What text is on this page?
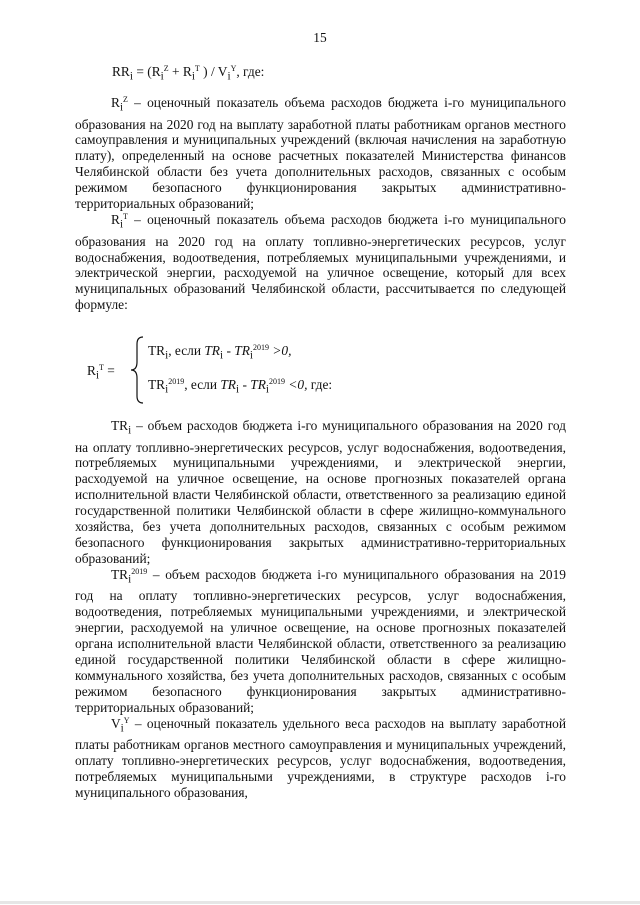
15
$RR_i = (R_i^Z + R_i^T$ ) / $V_i^Y$, где:

$R_i^Z$ – оценочный показатель объема расходов бюджета i-го муниципального образования на 2020 год на выплату заработной платы работникам органов местного самоуправления и муниципальных учреждений (включая начисления на заработную плату), определенный на основе расчетных показателей Министерства финансов Челябинской области без учета дополнительных расходов, связанных с особым режимом безопасного функционирования закрытых административно-территориальных образований;

$R_i^T$ – оценочный показатель объема расходов бюджета i-го муниципального образования на 2020 год на оплату топливно-энергетических ресурсов, услуг водоснабжения, водоотведения, потребляемых муниципальными учреждениями, и электрической энергии, расходуемой на уличное освещение, который для всех муниципальных образований Челябинской области, рассчитывается по следующей формуле:

$R_i^T$ =
$TR_i$, если $TR_i - TR_i^{2019} >0$,
$TR_i^{2019}$, если $TR_i - TR_i^{2019} <0$, где:

$TR_i$ – объем расходов бюджета i-го муниципального образования на 2020 год на оплату топливно-энергетических ресурсов, услуг водоснабжения, водоотведения, потребляемых муниципальными учреждениями, и электрической энергии, расходуемой на уличное освещение, на основе прогнозных показателей органа исполнительной власти Челябинской области, ответственного за реализацию единой государственной политики Челябинской области в сфере жилищно-коммунального хозяйства, без учета дополнительных расходов, связанных с особым режимом безопасного функционирования закрытых административно-территориальных образований;

$TR_i^{2019}$ – объем расходов бюджета i-го муниципального образования на 2019 год на оплату топливно-энергетических ресурсов, услуг водоснабжения, водоотведения, потребляемых муниципальными учреждениями, и электрической энергии, расходуемой на уличное освещение, на основе прогнозных показателей органа исполнительной власти Челябинской области, ответственного за реализацию единой государственной политики Челябинской области в сфере жилищно-коммунального хозяйства, без учета дополнительных расходов, связанных с особым режимом безопасного функционирования закрытых административно-территориальных образований;

$V_i^Y$ – оценочный показатель удельного веса расходов на выплату заработной платы работникам органов местного самоуправления и муниципальных учреждений, оплату топливно-энергетических ресурсов, услуг водоснабжения, водоотведения, потребляемых муниципальными учреждениями, в структуре расходов i-го муниципального образования,
